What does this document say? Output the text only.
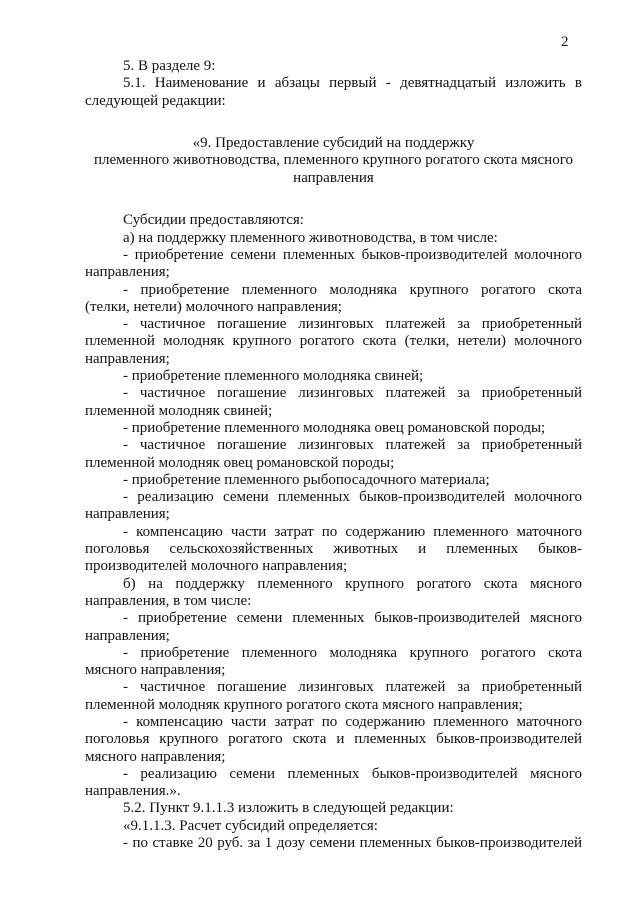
2

5. В разделе 9:

5.1. Наименование и абзацы первый - девятнадцатый изложить в

следующей редакции:

«9. Предоставление субсидий на поддержку

племенного животноводства, племенного крупного рогатого скота мясного

направления

Субсидии предоставляются:

а) на поддержку племенного животноводства, в том числе:

- приобретение семени племенных быков-производителей молочного

направления;

- приобретение племенного молодняка крупного рогатого скота

(телки, нетели) молочного направления;

- частичное погашение лизинговых платежей за приобретенный

племенной молодняк крупного рогатого скота (телки, нетели) молочного

направления;

- приобретение племенного молодняка свиней;

- частичное погашение лизинговых платежей за приобретенный

племенной молодняк свиней;

- приобретение племенного молодняка овец романовской породы;

- частичное погашение лизинговых платежей за приобретенный

племенной молодняк овец романовской породы;

- приобретение племенного рыбопосадочного материала;

- реализацию семени племенных быков-производителей молочного

направления;

- компенсацию части затрат по содержанию племенного маточного

поголовья сельскохозяйственных животных и племенных быков-

производителей молочного направления;

б) на поддержку племенного крупного рогатого скота мясного

направления, в том числе:

- приобретение семени племенных быков-производителей мясного

направления;

- приобретение племенного молодняка крупного рогатого скота

мясного направления;

- частичное погашение лизинговых платежей за приобретенный

племенной молодняк крупного рогатого скота мясного направления;

- компенсацию части затрат по содержанию племенного маточного

поголовья крупного рогатого скота и племенных быков-производителей

мясного направления;

- реализацию семени племенных быков-производителей мясного

направления.».

5.2. Пункт 9.1.1.3 изложить в следующей редакции:

«9.1.1.3. Расчет субсидий определяется:

- по ставке 20 руб. за 1 дозу семени племенных быков-производителей
